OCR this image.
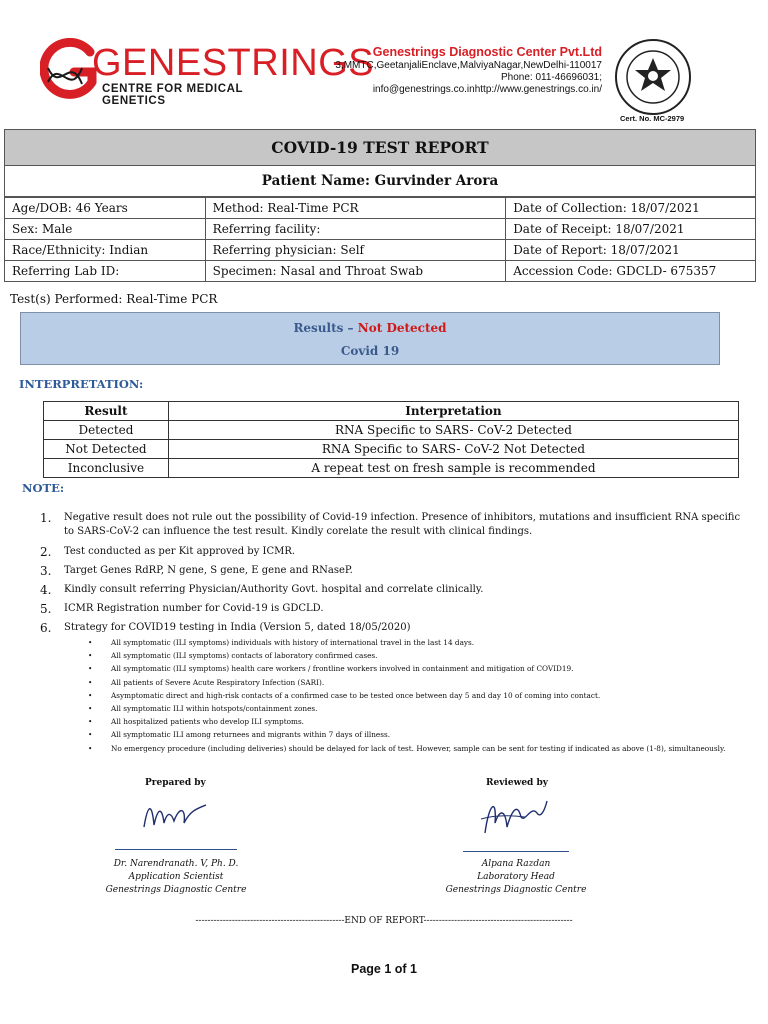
GENESTRINGS
CENTRE FOR MEDICAL GENETICS
Genestrings Diagnostic Center Pvt.Ltd
3,MMTC,GeetanjaliEnclave,MalviyaNagar,NewDelhi-110017
Phone: 011-46696031;
info@genestrings.co.inhttp://www.genestrings.co.in/
Cert. No. MC-2979
COVID-19 TEST REPORT
Patient Name: Gurvinder Arora
Age/DOB: 46 Years	Method: Real-Time PCR	Date of Collection: 18/07/2021
Sex: Male	Referring facility:	Date of Receipt: 18/07/2021
Race/Ethnicity: Indian	Referring physician: Self	Date of Report: 18/07/2021
Referring Lab ID:	Specimen: Nasal and Throat Swab	Accession Code: GDCLD- 675357
Test(s) Performed: Real-Time PCR
Results – Not Detected
Covid 19
INTERPRETATION:
Result	Interpretation
Detected	RNA Specific to SARS- CoV-2 Detected
Not Detected	RNA Specific to SARS- CoV-2 Not Detected
Inconclusive	A repeat test on fresh sample is recommended
NOTE:
1. Negative result does not rule out the possibility of Covid-19 infection. Presence of inhibitors, mutations and insufficient RNA specific to SARS-CoV-2 can influence the test result. Kindly corelate the result with clinical findings.
2. Test conducted as per Kit approved by ICMR.
3. Target Genes RdRP, N gene, S gene, E gene and RNaseP.
4. Kindly consult referring Physician/Authority Govt. hospital and correlate clinically.
5. ICMR Registration number for Covid-19 is GDCLD.
6. Strategy for COVID19 testing in India (Version 5, dated 18/05/2020)
• All symptomatic (ILI symptoms) individuals with history of international travel in the last 14 days.
• All symptomatic (ILI symptoms) contacts of laboratory confirmed cases.
• All symptomatic (ILI symptoms) health care workers / frontline workers involved in containment and mitigation of COVID19.
• All patients of Severe Acute Respiratory Infection (SARI).
• Asymptomatic direct and high-risk contacts of a confirmed case to be tested once between day 5 and day 10 of coming into contact.
• All symptomatic ILI within hotspots/containment zones.
• All hospitalized patients who develop ILI symptoms.
• All symptomatic ILI among returnees and migrants within 7 days of illness.
• No emergency procedure (including deliveries) should be delayed for lack of test. However, sample can be sent for testing if indicated as above (1-8), simultaneously.
Prepared by
Dr. Narendranath. V, Ph. D.
Application Scientist
Genestrings Diagnostic Centre
Reviewed by
Alpana Razdan
Laboratory Head
Genestrings Diagnostic Centre
-------------------------------------------------END OF REPORT-------------------------------------------------
Page 1 of 1
